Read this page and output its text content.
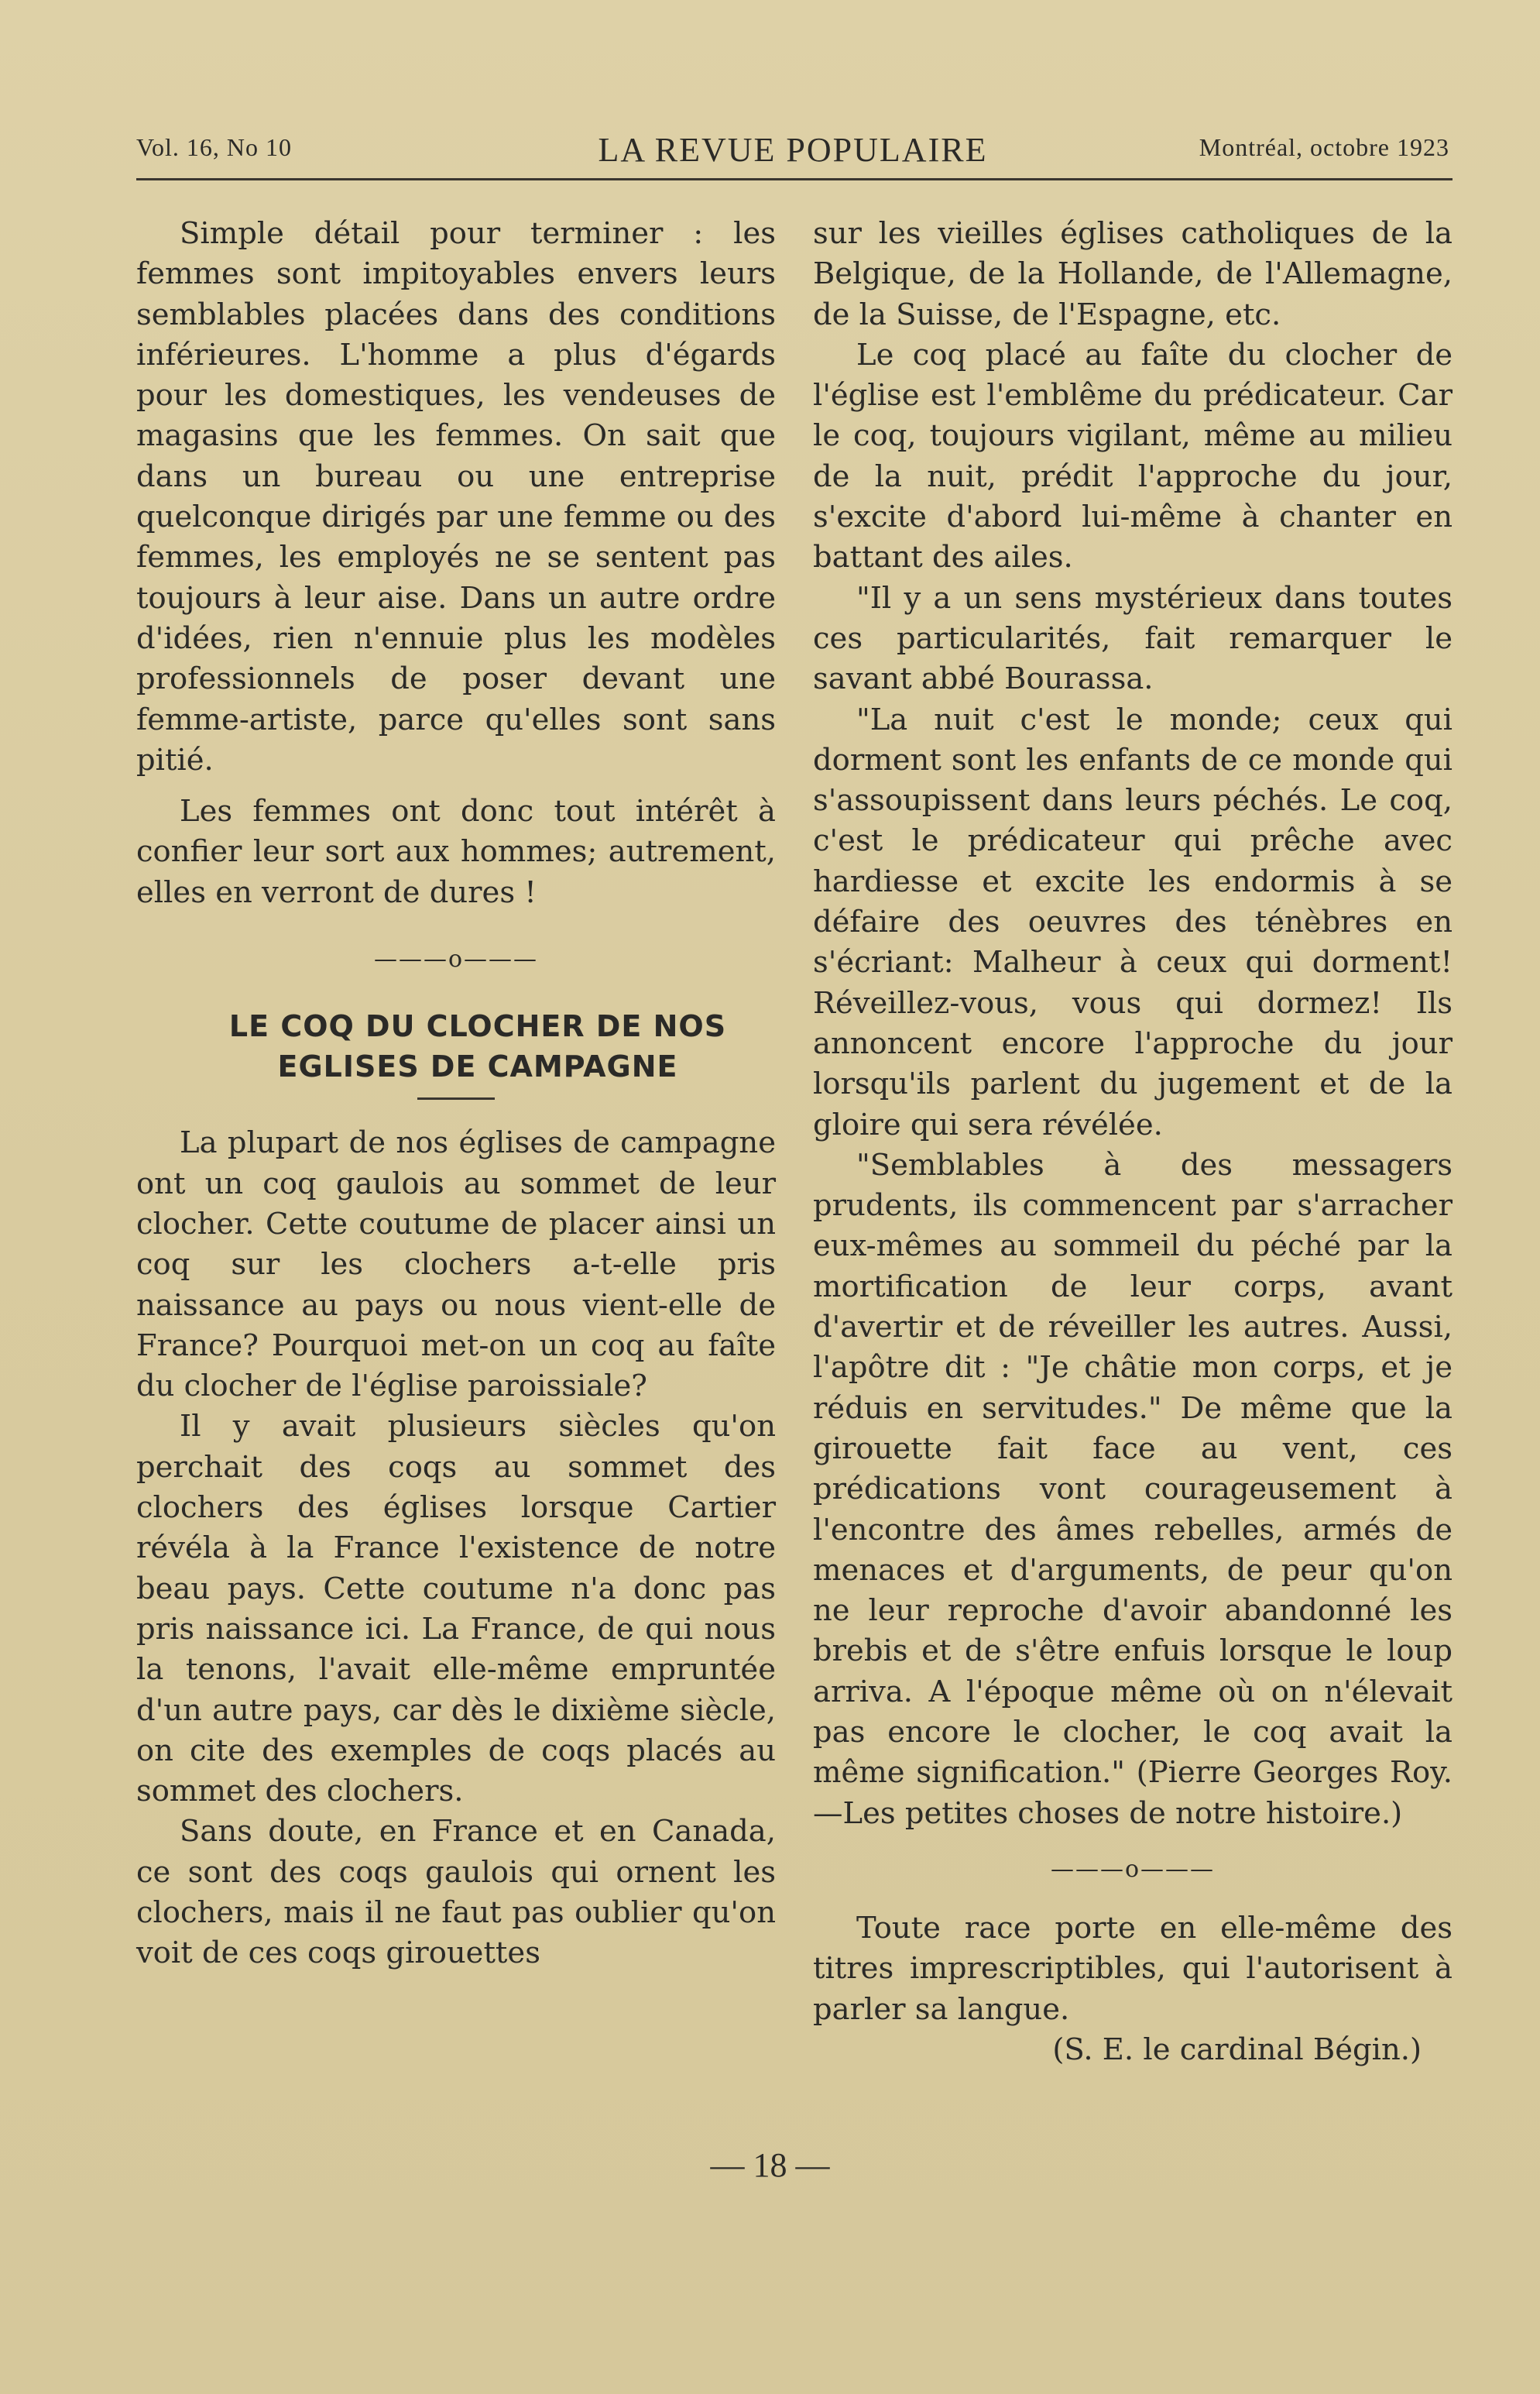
Vol. 16, No 10	LA REVUE POPULAIRE	Montréal, octobre 1923

Simple détail pour terminer : les femmes sont impitoyables envers leurs semblables placées dans des conditions inférieures. L'homme a plus d'égards pour les domestiques, les vendeuses de magasins que les femmes. On sait que dans un bureau ou une entreprise quelconque dirigés par une femme ou des femmes, les employés ne se sentent pas toujours à leur aise. Dans un autre ordre d'idées, rien n'ennuie plus les modèles professionnels de poser devant une femme-artiste, parce qu'elles sont sans pitié.

Les femmes ont donc tout intérêt à confier leur sort aux hommes; autrement, elles en verront de dures !

———o———

LE COQ DU CLOCHER DE NOS

EGLISES DE CAMPAGNE

La plupart de nos églises de campagne ont un coq gaulois au sommet de leur clocher. Cette coutume de placer ainsi un coq sur les clochers a-t-elle pris naissance au pays ou nous vient-elle de France? Pourquoi met-on un coq au faîte du clocher de l'église paroissiale?

Il y avait plusieurs siècles qu'on perchait des coqs au sommet des clochers des églises lorsque Cartier révéla à la France l'existence de notre beau pays. Cette coutume n'a donc pas pris naissance ici. La France, de qui nous la tenons, l'avait elle-même empruntée d'un autre pays, car dès le dixième siècle, on cite des exemples de coqs placés au sommet des clochers.

Sans doute, en France et en Canada, ce sont des coqs gaulois qui ornent les clochers, mais il ne faut pas oublier qu'on voit de ces coqs girouettes

sur les vieilles églises catholiques de la Belgique, de la Hollande, de l'Allemagne, de la Suisse, de l'Espagne, etc.

Le coq placé au faîte du clocher de l'église est l'emblême du prédicateur. Car le coq, toujours vigilant, même au milieu de la nuit, prédit l'approche du jour, s'excite d'abord lui-même à chanter en battant des ailes.

"Il y a un sens mystérieux dans toutes ces particularités, fait remarquer le savant abbé Bourassa.

"La nuit c'est le monde; ceux qui dorment sont les enfants de ce monde qui s'assoupissent dans leurs péchés. Le coq, c'est le prédicateur qui prêche avec hardiesse et excite les endormis à se défaire des oeuvres des ténèbres en s'écriant: Malheur à ceux qui dorment! Réveillez-vous, vous qui dormez! Ils annoncent encore l'approche du jour lorsqu'ils parlent du jugement et de la gloire qui sera révélée.

"Semblables à des messagers prudents, ils commencent par s'arracher eux-mêmes au sommeil du péché par la mortification de leur corps, avant d'avertir et de réveiller les autres. Aussi, l'apôtre dit : "Je châtie mon corps, et je réduis en servitudes." De même que la girouette fait face au vent, ces prédications vont courageusement à l'encontre des âmes rebelles, armés de menaces et d'arguments, de peur qu'on ne leur reproche d'avoir abandonné les brebis et de s'être enfuis lorsque le loup arriva. A l'époque même où on n'élevait pas encore le clocher, le coq avait la même signification." (Pierre Georges Roy.—Les petites choses de notre histoire.)

———o———

Toute race porte en elle-même des titres imprescriptibles, qui l'autorisent à parler sa langue.

(S. E. le cardinal Bégin.)

— 18 —
